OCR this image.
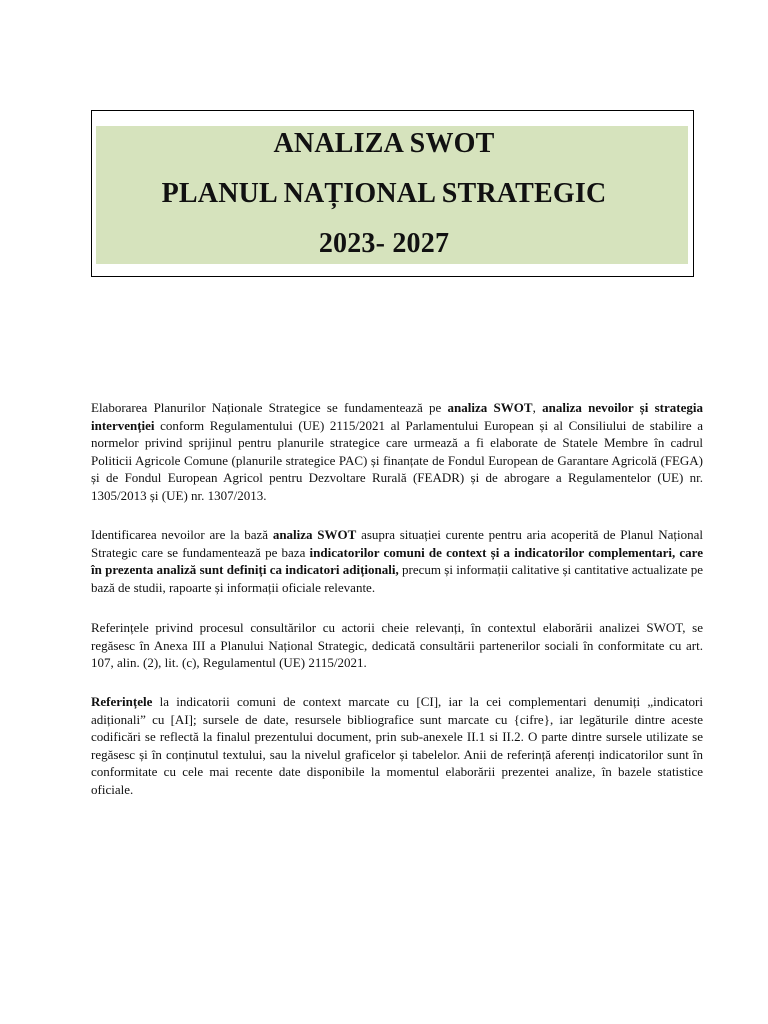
ANALIZA SWOT
PLANUL NAȚIONAL STRATEGIC
2023- 2027
Elaborarea Planurilor Naționale Strategice se fundamentează pe analiza SWOT, analiza nevoilor și strategia intervenției conform Regulamentului (UE) 2115/2021 al Parlamentului European și al Consiliului de stabilire a normelor privind sprijinul pentru planurile strategice care urmează a fi elaborate de Statele Membre în cadrul Politicii Agricole Comune (planurile strategice PAC) și finanțate de Fondul European de Garantare Agricolă (FEGA) și de Fondul European Agricol pentru Dezvoltare Rurală (FEADR) și de abrogare a Regulamentelor (UE) nr. 1305/2013 și (UE) nr. 1307/2013.
Identificarea nevoilor are la bază analiza SWOT asupra situației curente pentru aria acoperită de Planul Național Strategic care se fundamentează pe baza indicatorilor comuni de context și a indicatorilor complementari, care în prezenta analiză sunt definiți ca indicatori adiționali, precum și informații calitative și cantitative actualizate pe bază de studii, rapoarte și informații oficiale relevante.
Referințele privind procesul consultărilor cu actorii cheie relevanți, în contextul elaborării analizei SWOT, se regăsesc în Anexa III a Planului Național Strategic, dedicată consultării partenerilor sociali în conformitate cu art. 107, alin. (2), lit. (c), Regulamentul (UE) 2115/2021.
Referințele la indicatorii comuni de context marcate cu [CI], iar la cei complementari denumiți „indicatori adiționali” cu [AI]; sursele de date, resursele bibliografice sunt marcate cu {cifre}, iar legăturile dintre aceste codificări se reflectă la finalul prezentului document, prin sub-anexele II.1 si II.2. O parte dintre sursele utilizate se regăsesc și în conținutul textului, sau la nivelul graficelor și tabelelor. Anii de referință aferenți indicatorilor sunt în conformitate cu cele mai recente date disponibile la momentul elaborării prezentei analize, în bazele statistice oficiale.
